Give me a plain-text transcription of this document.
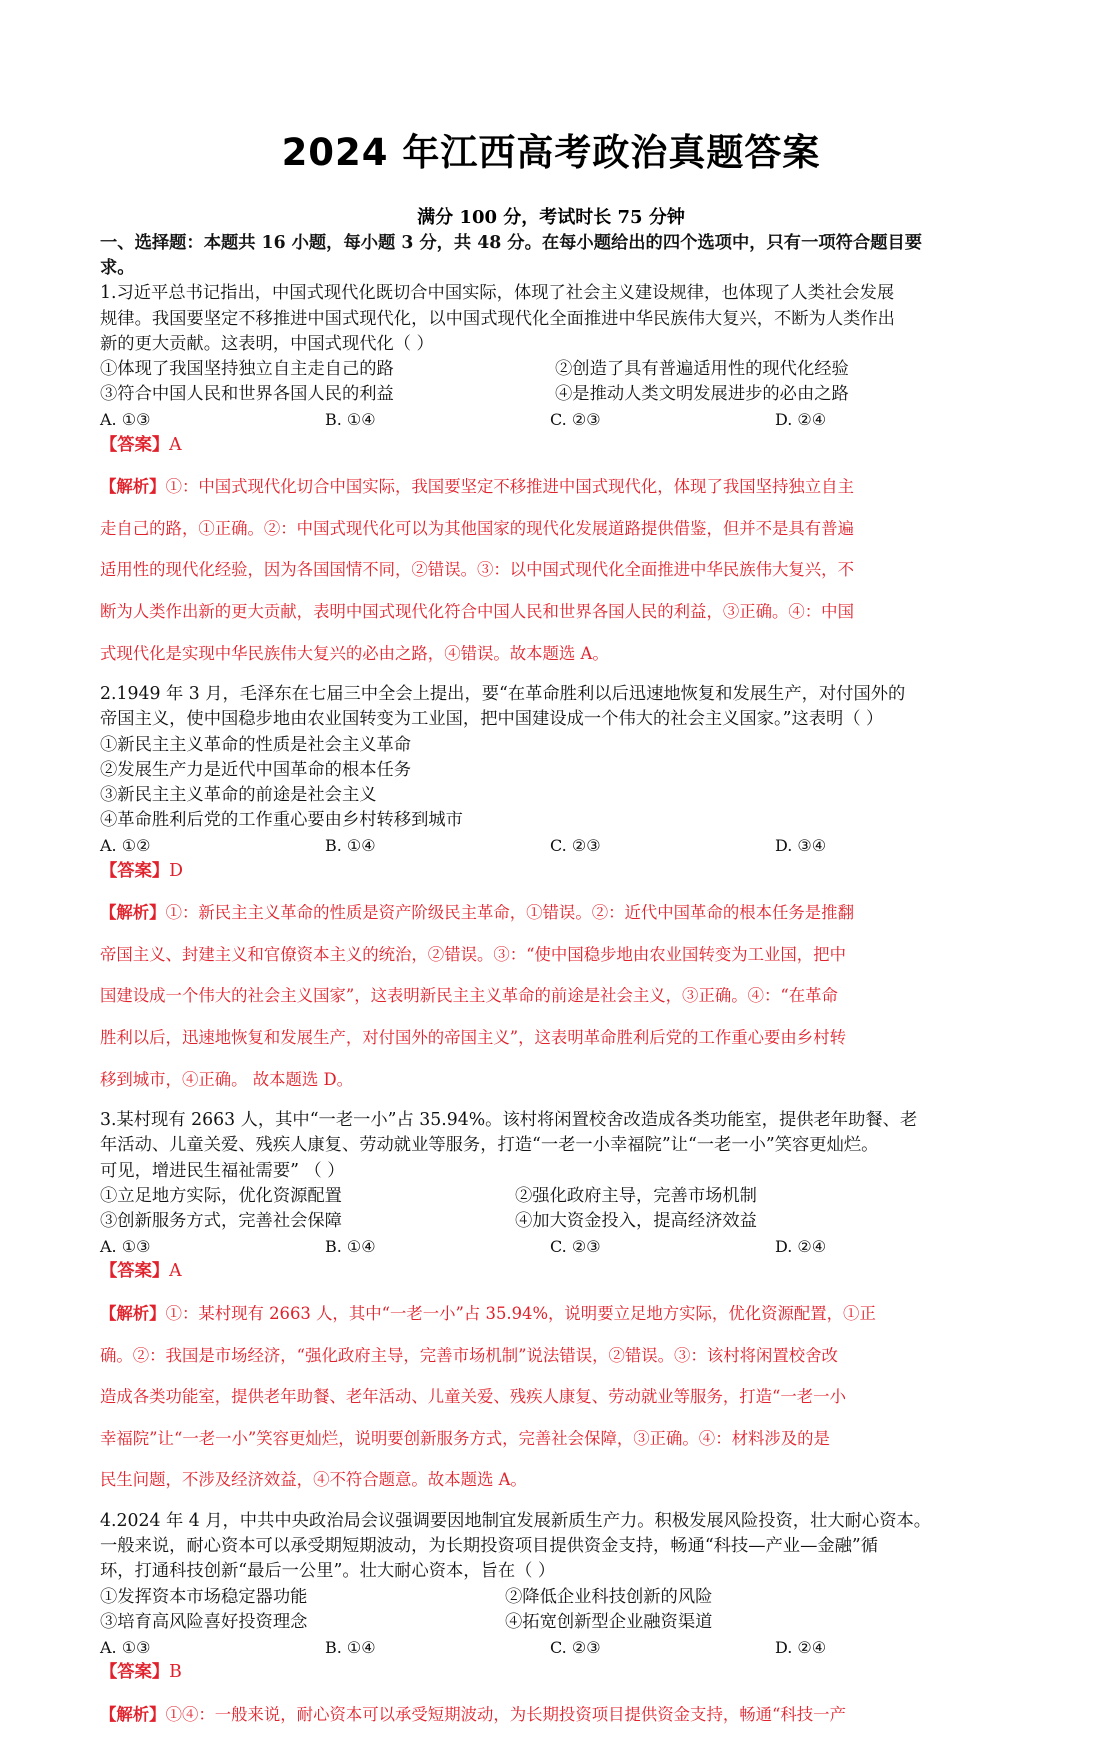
2024 年江西高考政治真题答案

满分 100 分，考试时长 75 分钟

一、选择题：本题共 16 小题，每小题 3 分，共 48 分。在每小题给出的四个选项中，只有一项符合题目要

求。

1.习近平总书记指出，中国式现代化既切合中国实际，体现了社会主义建设规律，也体现了人类社会发展

规律。我国要坚定不移推进中国式现代化，以中国式现代化全面推进中华民族伟大复兴，不断为人类作出

新的更大贡献。这表明，中国式现代化（ ）

①体现了我国坚持独立自主走自己的路	②创造了具有普遍适用性的现代化经验
③符合中国人民和世界各国人民的利益	④是推动人类文明发展进步的必由之路
A. ①③	B. ①④	C. ②③	D. ②④

【答案】A

【解析】①：中国式现代化切合中国实际，我国要坚定不移推进中国式现代化，体现了我国坚持独立自主

走自己的路，①正确。②：中国式现代化可以为其他国家的现代化发展道路提供借鉴，但并不是具有普遍

适用性的现代化经验，因为各国国情不同，②错误。③：以中国式现代化全面推进中华民族伟大复兴，不

断为人类作出新的更大贡献，表明中国式现代化符合中国人民和世界各国人民的利益，③正确。④：中国

式现代化是实现中华民族伟大复兴的必由之路，④错误。故本题选 A。

2.1949 年 3 月，毛泽东在七届三中全会上提出，要“在革命胜利以后迅速地恢复和发展生产，对付国外的

帝国主义，使中国稳步地由农业国转变为工业国，把中国建设成一个伟大的社会主义国家。”这表明（ ）

①新民主主义革命的性质是社会主义革命

②发展生产力是近代中国革命的根本任务

③新民主主义革命的前途是社会主义

④革命胜利后党的工作重心要由乡村转移到城市

A. ①②	B. ①④	C. ②③	D. ③④

【答案】D

【解析】①：新民主主义革命的性质是资产阶级民主革命，①错误。②：近代中国革命的根本任务是推翻

帝国主义、封建主义和官僚资本主义的统治，②错误。③：“使中国稳步地由农业国转变为工业国，把中

国建设成一个伟大的社会主义国家”，这表明新民主主义革命的前途是社会主义，③正确。④：“在革命

胜利以后，迅速地恢复和发展生产，对付国外的帝国主义”，这表明革命胜利后党的工作重心要由乡村转

移到城市，④正确。 故本题选 D。

3.某村现有 2663 人，其中“一老一小”占 35.94%。该村将闲置校舍改造成各类功能室，提供老年助餐、老

年活动、儿童关爱、残疾人康复、劳动就业等服务，打造“一老一小幸福院”让“一老一小”笑容更灿烂。

可见，增进民生福祉需要” （ ）

①立足地方实际，优化资源配置	②强化政府主导，完善市场机制
③创新服务方式，完善社会保障	④加大资金投入，提高经济效益
A. ①③	B. ①④	C. ②③	D. ②④

【答案】A

【解析】①：某村现有 2663 人，其中“一老一小”占 35.94%，说明要立足地方实际，优化资源配置，①正

确。②：我国是市场经济，“强化政府主导，完善市场机制”说法错误，②错误。③：该村将闲置校舍改

造成各类功能室，提供老年助餐、老年活动、儿童关爱、残疾人康复、劳动就业等服务，打造“一老一小

幸福院”让“一老一小”笑容更灿烂，说明要创新服务方式，完善社会保障，③正确。④：材料涉及的是

民生问题，不涉及经济效益，④不符合题意。故本题选 A。

4.2024 年 4 月，中共中央政治局会议强调要因地制宜发展新质生产力。积极发展风险投资，壮大耐心资本。

一般来说，耐心资本可以承受期短期波动，为长期投资项目提供资金支持，畅通“科技—产业—金融”循

环，打通科技创新“最后一公里”。壮大耐心资本，旨在（ ）

①发挥资本市场稳定器功能	②降低企业科技创新的风险
③培育高风险喜好投资理念	④拓宽创新型企业融资渠道
A. ①③	B. ①④	C. ②③	D. ②④

【答案】B

【解析】①④：一般来说，耐心资本可以承受短期波动，为长期投资项目提供资金支持，畅通“科技一产
